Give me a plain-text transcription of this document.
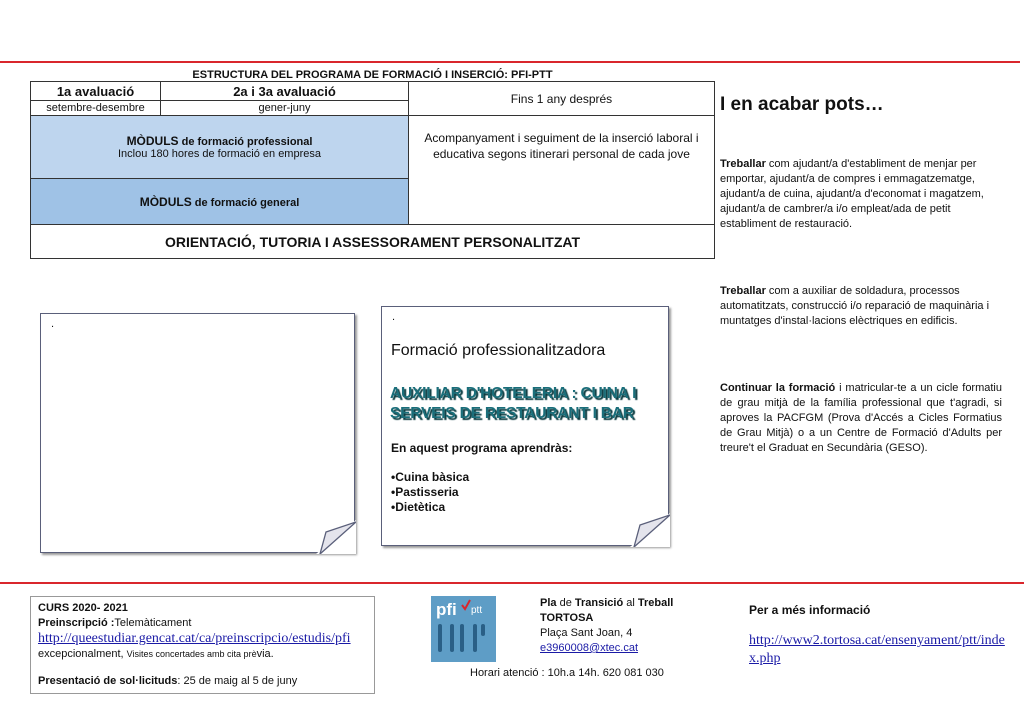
ESTRUCTURA DEL PROGRAMA DE FORMACIÓ I INSERCIÓ: PFI-PTT		
1a avaluació	2a i 3a avaluació	Fins 1 any després
setembre-desembre	gener-juny	

MÒDULS de formació professional
Inclou 180 hores de formació en empresa		Acompanyament i seguiment de la inserció laboral i educativa segons itinerari personal de cada jove
MÒDULS de formació general		
ORIENTACIÓ, TUTORIA I ASSESSORAMENT PERSONALITZAT		
I en acabar pots…
Treballar com ajudant/a d'establiment de menjar per emportar, ajudant/a de compres i emmagatzematge, ajudant/a de cuina, ajudant/a d'economat i magatzem, ajudant/a de cambrer/a i/o empleat/ada de petit establiment de restauració.
Treballar com a auxiliar de soldadura, processos automatitzats, construcció i/o reparació de maquinària i muntatges d'instal·lacions elèctriques en edificis.
Continuar la formació i matricular-te a un cicle formatiu de grau mitjà de la família professional que t'agradi, si aproves la PACFGM (Prova d'Accés a Cicles Formatius de Grau Mitjà) o a un Centre de Formació d'Adults per treure't el Graduat en Secundària (GESO).
.
.
Formació professionalitzadora
AUXILIAR D'HOTELERIA : CUINA I SERVEIS DE RESTAURANT I BAR
En aquest programa aprendràs:
•Cuina bàsica
•Pastisseria
•Dietètica
CURS 2020- 2021
Preinscripció :Telemàticament
http://queestudiar.gencat.cat/ca/preinscripcio/estudis/pfi
excepcionalment, Visites concertades amb cita prèvia.
Presentació de sol·licituds: 25 de maig al 5 de juny
pfi ptt
Pla de Transició al Treball
TORTOSA
Plaça Sant Joan, 4
e3960008@xtec.cat
Horari atenció : 10h.a 14h. 620 081 030
Per a més informació
http://www2.tortosa.cat/ensenyament/ptt/index.php
